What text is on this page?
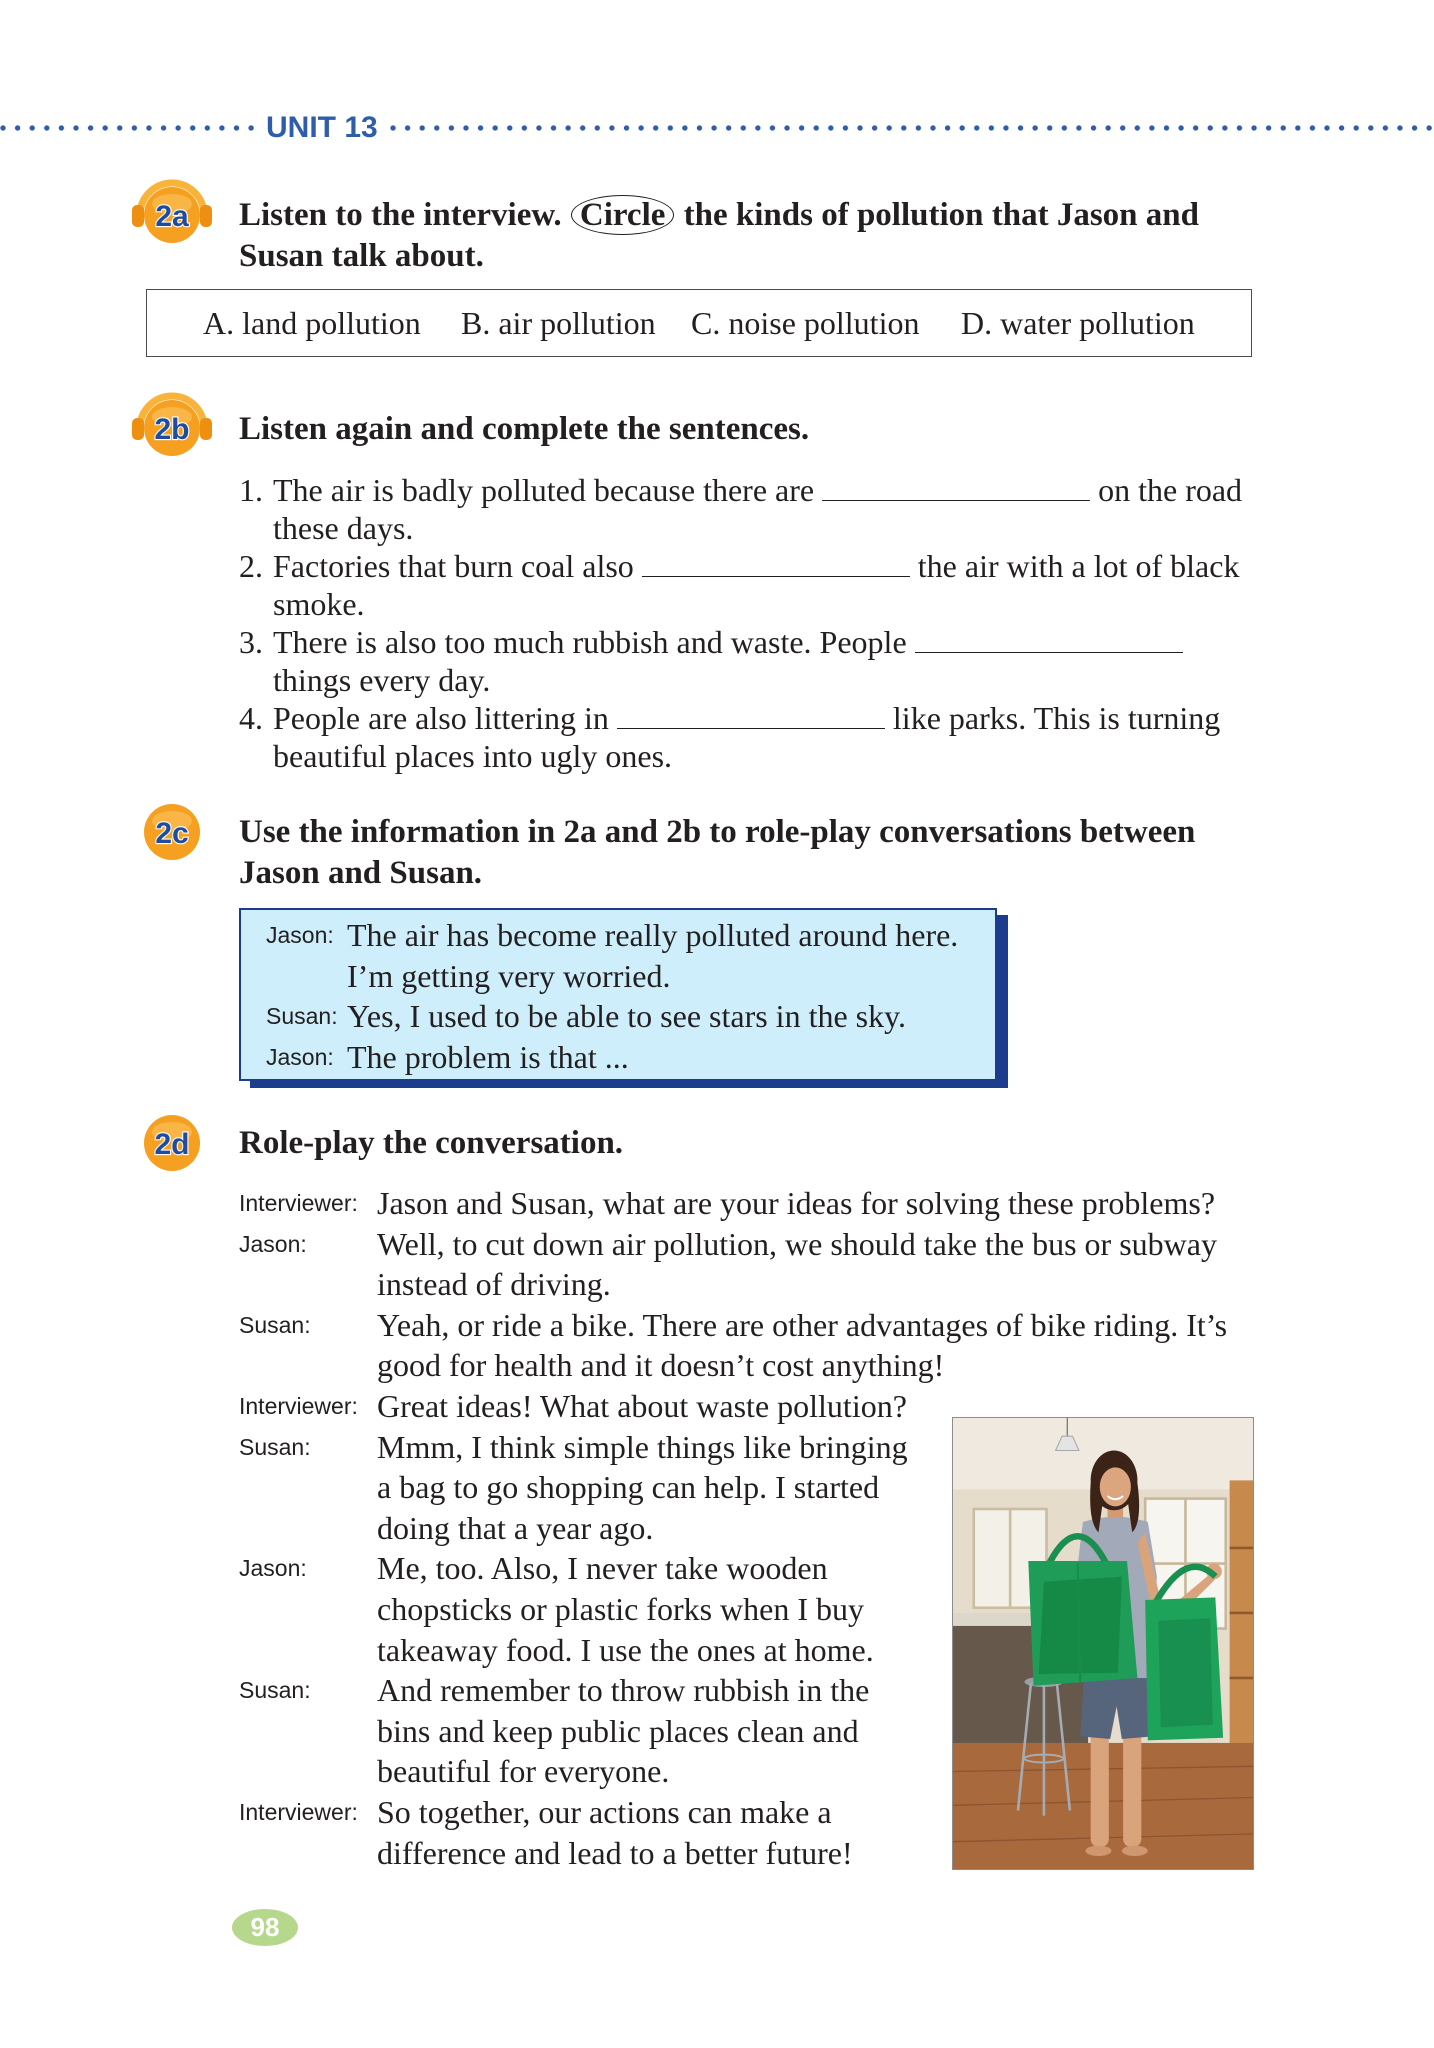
UNIT 13
2a Listen to the interview. Circle the kinds of pollution that Jason and
Susan talk about.
A. land pollution B. air pollution C. noise pollution D. water pollution
2b Listen again and complete the sentences.
1. The air is badly polluted because there are	on the road
these days.
2. Factories that burn coal also	the air with a lot of black
smoke.
3. There is also too much rubbish and waste. People
things every day.
4. People are also littering in	like parks. This is turning
beautiful places into ugly ones.
2c Use the information in 2a and 2b to role-play conversations between
Jason and Susan.
Jason: The air has become really polluted around here.
I’m getting very worried.
Susan: Yes, I used to be able to see stars in the sky.
Jason: The problem is that ...
2d Role-play the conversation.
Interviewer: Jason and Susan, what are your ideas for solving these problems?
Jason:	Well, to cut down air pollution, we should take the bus or subway
instead of driving.
Susan:	Yeah, or ride a bike. There are other advantages of bike riding. It’s
good for health and it doesn’t cost anything!
Interviewer: Great ideas! What about waste pollution?
Susan:	Mmm, I think simple things like bringing
a bag to go shopping can help. I started
doing that a year ago.
Jason:	Me, too. Also, I never take wooden
chopsticks or plastic forks when I buy
takeaway food. I use the ones at home.
Susan:	And remember to throw rubbish in the
bins and keep public places clean and
beautiful for everyone.
Interviewer: So together, our actions can make a
difference and lead to a better future!
98
